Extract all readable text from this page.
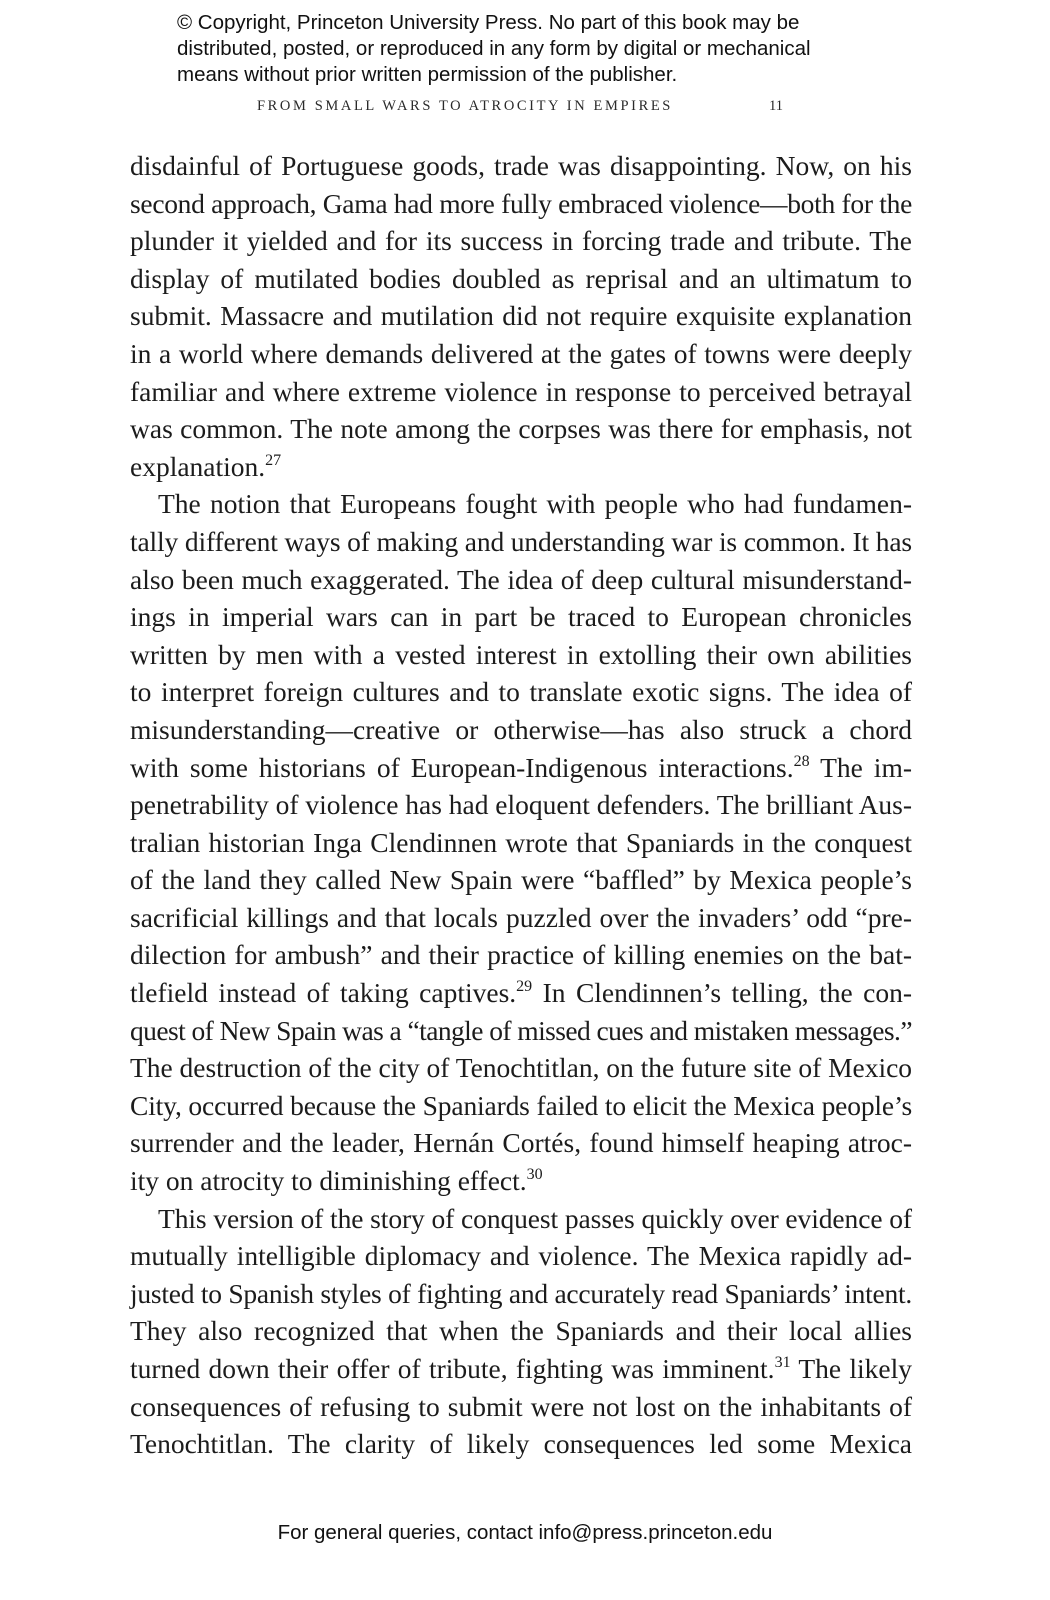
© Copyright, Princeton University Press. No part of this book may be
distributed, posted, or reproduced in any form by digital or mechanical
means without prior written permission of the publisher.
FROM SMALL WARS TO ATROCITY IN EMPIRES	11
disdainful of Portuguese goods, trade was disappointing. Now, on his
second approach, Gama had more fully embraced violence—both for the
plunder it yielded and for its success in forcing trade and tribute. The
display of mutilated bodies doubled as reprisal and an ultimatum to
submit. Massacre and mutilation did not require exquisite explanation
in a world where demands delivered at the gates of towns were deeply
familiar and where extreme violence in response to perceived betrayal
was common. The note among the corpses was there for emphasis, not
explanation.$^{27}$
The notion that Europeans fought with people who had fundamen-
tally different ways of making and understanding war is common. It has
also been much exaggerated. The idea of deep cultural misunderstand-
ings in imperial wars can in part be traced to European chronicles
written by men with a vested interest in extolling their own abilities
to interpret foreign cultures and to translate exotic signs. The idea of
misunderstanding—creative or otherwise—has also struck a chord
with some historians of European-Indigenous interactions.$^{28}$ The im-
penetrability of violence has had eloquent defenders. The brilliant Aus-
tralian historian Inga Clendinnen wrote that Spaniards in the conquest
of the land they called New Spain were “baffled” by Mexica people’s
sacrificial killings and that locals puzzled over the invaders’ odd “pre-
dilection for ambush” and their practice of killing enemies on the bat-
tlefield instead of taking captives.$^{29}$ In Clendinnen’s telling, the con-
quest of New Spain was a “tangle of missed cues and mistaken messages.”
The destruction of the city of Tenochtitlan, on the future site of Mexico
City, occurred because the Spaniards failed to elicit the Mexica people’s
surrender and the leader, Hernán Cortés, found himself heaping atroc-
ity on atrocity to diminishing effect.$^{30}$
This version of the story of conquest passes quickly over evidence of
mutually intelligible diplomacy and violence. The Mexica rapidly ad-
justed to Spanish styles of fighting and accurately read Spaniards’ intent.
They also recognized that when the Spaniards and their local allies
turned down their offer of tribute, fighting was imminent.$^{31}$ The likely
consequences of refusing to submit were not lost on the inhabitants of
Tenochtitlan. The clarity of likely consequences led some Mexica
For general queries, contact info@press.princeton.edu
